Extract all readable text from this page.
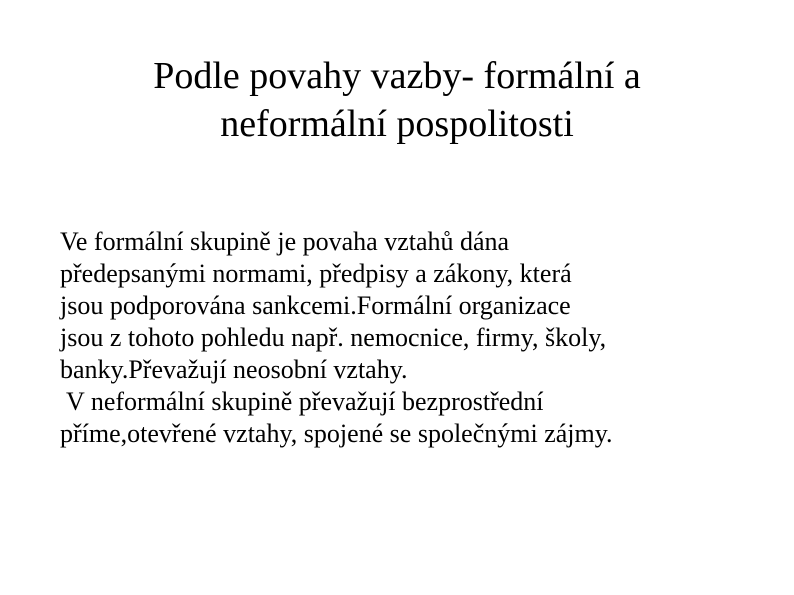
Podle povahy vazby- formální a
neformální pospolitosti
Ve formální skupině je povaha vztahů dána
předepsanými normami, předpisy a zákony, která
jsou podporována sankcemi.Formální organizace
jsou z tohoto pohledu např. nemocnice, firmy, školy,
banky.Převažují neosobní vztahy.
V neformální skupině převažují bezprostřední
příme,otevřené vztahy, spojené se společnými zájmy.
